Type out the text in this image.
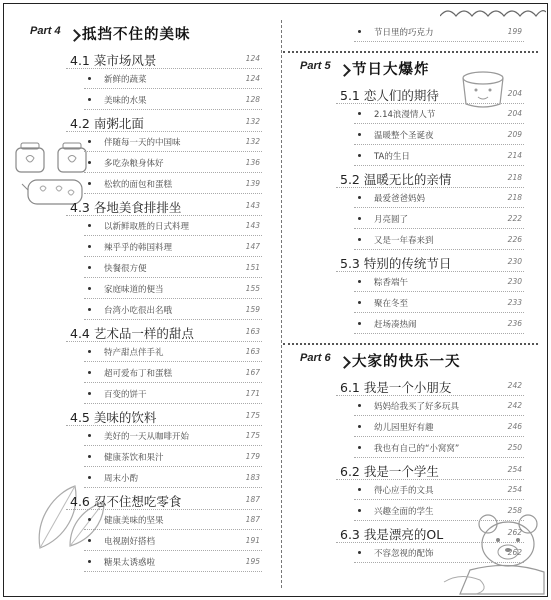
Part 4 抵挡不住的美味
4.1 菜市场风景	124
新鲜的蔬菜	124
美味的水果	128
4.2 南粥北面	132
伴随每一天的中国味	132
多吃杂粮身体好	136
松软的面包和蛋糕	139
4.3 各地美食排排坐	143
以新鲜取胜的日式料理	143
辣乎乎的韩国料理	147
快餐很方便	151
家庭味道的便当	155
台湾小吃很出名哦	159
4.4 艺术品一样的甜点	163
特产甜点伴手礼	163
超可爱布丁和蛋糕	167
百变的饼干	171
4.5 美味的饮料	175
美好的一天从咖啡开始	175
健康茶饮和果汁	179
周末小酌	183
4.6 忍不住想吃零食	187
健康美味的坚果	187
电视剧好搭档	191
糖果太诱惑啦	195
节日里的巧克力	199
Part 5 节日大爆炸
5.1 恋人们的期待	204
2.14浪漫情人节	204
温暖整个圣诞夜	209
TA的生日	214
5.2 温暖无比的亲情	218
最爱爸爸妈妈	218
月亮圆了	222
又是一年春来到	226
5.3 特别的传统节日	230
粽香端午	230
聚在冬至	233
赶场凑热闹	236
Part 6 大家的快乐一天
6.1 我是一个小朋友	242
妈妈给我买了好多玩具	242
幼儿园里好有趣	246
我也有自己的“小窝窝”	250
6.2 我是一个学生	254
得心应手的文具	254
兴趣全面的学生	258
6.3 我是漂亮的OL	262
不容忽视的配饰	262
